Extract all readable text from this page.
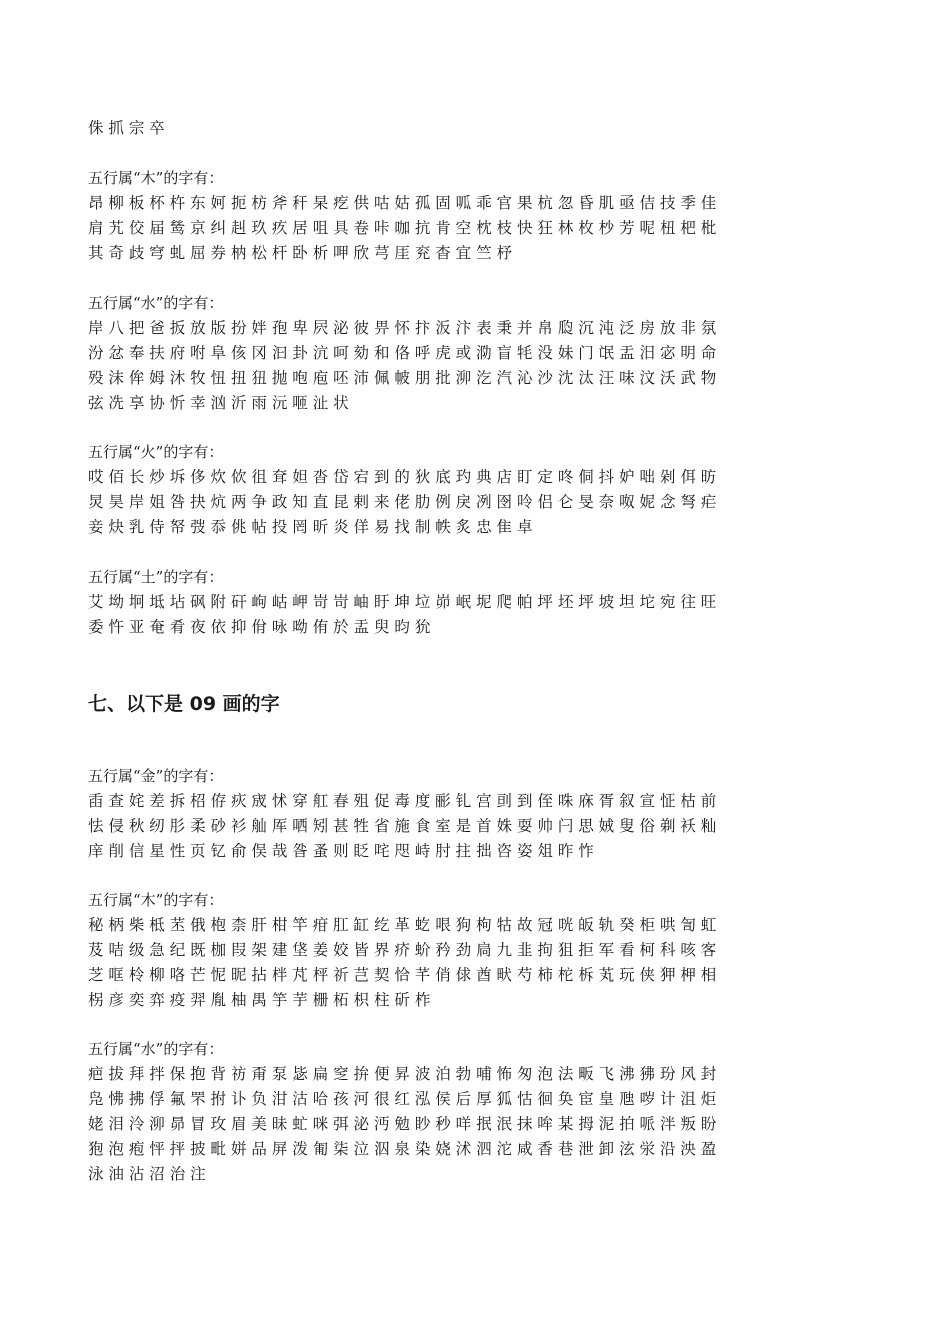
侏 抓 宗 卒
五行属“木”的字有：
昂 柳 板 杯 杵 东 妸 扼 枋 斧 秆 杲 疙 供 咕 姑 孤 固 呱 乖 官 果 杭 忽 昏 肌 亟 佶 技 季 佳
肩 艽 佼 届 鸶 京 纠 赳 玖 疚 居 咀 具 卷 咔 咖 抗 肯 空 枕 枝 快 狂 林 枚 杪 芳 呢 杻 杷 枇
其 奇 歧 穹 虬 屈 券 枘 松 杆 卧 析 呷 欣 芎 厓 兖 杳 宜 竺 杼
五行属“水”的字有：
岸 八 把 爸 扳 放 版 扮 姅 孢 卑 屄 泌 彼 畀 怀 抃 汳 汴 表 秉 并 帛 瓝 沉 沌 泛 房 放 非 氛
汾 忿 奉 扶 府 咐 阜 侅 冈 汩 卦 沆 呵 劾 和 佫 呼 虎 或 泐 盲 牦 没 妹 门 氓 盂 汨 宓 明 命
殁 沫 侔 姆 沐 牧 忸 扭 狃 抛 咆 庖 呸 沛 佩 帔 朋 批 泖 汔 汽 沁 沙 沈 汰 汪 味 汶 沃 武 物
弦 冼 享 协 忻 幸 汹 沂 雨 沅 咂 沚 状
五行属“火”的字有：
哎 佰 长 炒 坼 侈 炊 佽 徂 耷 妲 沓 岱 宕 到 的 狄 底 玓 典 店 盯 定 咚 侗 抖 妒 咄 剁 佴 昉
炅 昊 岸 姐 咎 抉 炕 两 争 政 知 直 昆 剌 来 佬 肋 例 戾 冽 囹 呤 侣 仑 旻 奈 呶 妮 念 弩 疟
妾 炔 乳 侍 帑 弢 忝 佻 帖 投 罔 昕 炎 佯 易 找 制 帙 炙 忠 隹 卓
五行属“土”的字有：
艾 坳 坰 坻 坫 砜 附 矸 岣 岵 岬 岢 岢 岫 盱 坤 垃 峁 岷 坭 爬 帕 坪 坯 坪 坡 坦 坨 宛 往 旺
委 忤 亚 奄 肴 夜 依 抑 佾 咏 呦 侑 於 盂 臾 昀 狁
七、以下是 09 画的字
五行属“金”的字有：
臿 查 姹 差 拆 柖 侟 疢 宬 怵 穿 舡 春 殂 促 毒 度 彨 钆 宫 刯 到 侄 咮 庥 胥 叙 宣 怔 枯 前
怯 侵 秋 纫 肜 柔 砂 衫 舢 厍 哂 矧 甚 牲 省 施 食 室 是 首 姝 耍 帅 闩 思 娀 叟 俗 剃 袄 籼
庠 削 信 星 性 页 钇 俞 俣 哉 昝 蚤 则 眨 咤 咫 峙 肘 拄 拙 咨 姿 俎 昨 怍
五行属“木”的字有：
秘 柄 柴 柢 苤 俄 枹 柰 肝 柑 竿 疳 肛 缸 纥 革 虼 哏 狗 枸 牯 故 冠 咣 皈 轨 癸 柜 哄 訇 虹
芨 咭 级 急 纪 既 枷 叚 架 建 垡 姜 姣 皆 界 疥 蚧 矜 劲 扃 九 韭 拘 狙 拒 军 看 柯 科 咳 客
芝 哐 柃 柳 咯 芒 怩 昵 拈 柈 芃 枰 祈 芑 契 恰 芊 俏 俅 酋 畎 芍 柿 柁 柝 芄 玩 侠 狎 柙 相
柺 彦 奕 弈 疫 羿 胤 柚 禺 竽 芋 栅 柘 枳 柱 斫 柞
五行属“水”的字有：
疤 拔 拜 拌 保 抱 背 祊 甭 泵 毖 扁 窆 拚 便 昇 波 泊 勃 哺 怖 匆 泡 法 畈 飞 沸 狒 玢 风 封
凫 怫 拂 俘 氟 罘 拊 讣 负 泔 沽 哈 孩 河 很 红 泓 侯 后 厚 狐 怙 徊 奂 宦 皇 虺 哕 计 沮 炬
姥 泪 泠 泖 昴 冒 玫 眉 美 昧 虻 咪 弭 泌 沔 勉 眇 秒 咩 抿 泯 抹 哞 某 拇 泥 拍 哌 泮 叛 盼
狍 泡 疱 怦 抨 披 毗 姘 品 屏 泼 匍 柒 泣 泅 泉 染 娆 沭 泗 沱 咸 香 巷 泄 卸 泫 泶 沿 泱 盈
泳 油 沾 沼 治 注
